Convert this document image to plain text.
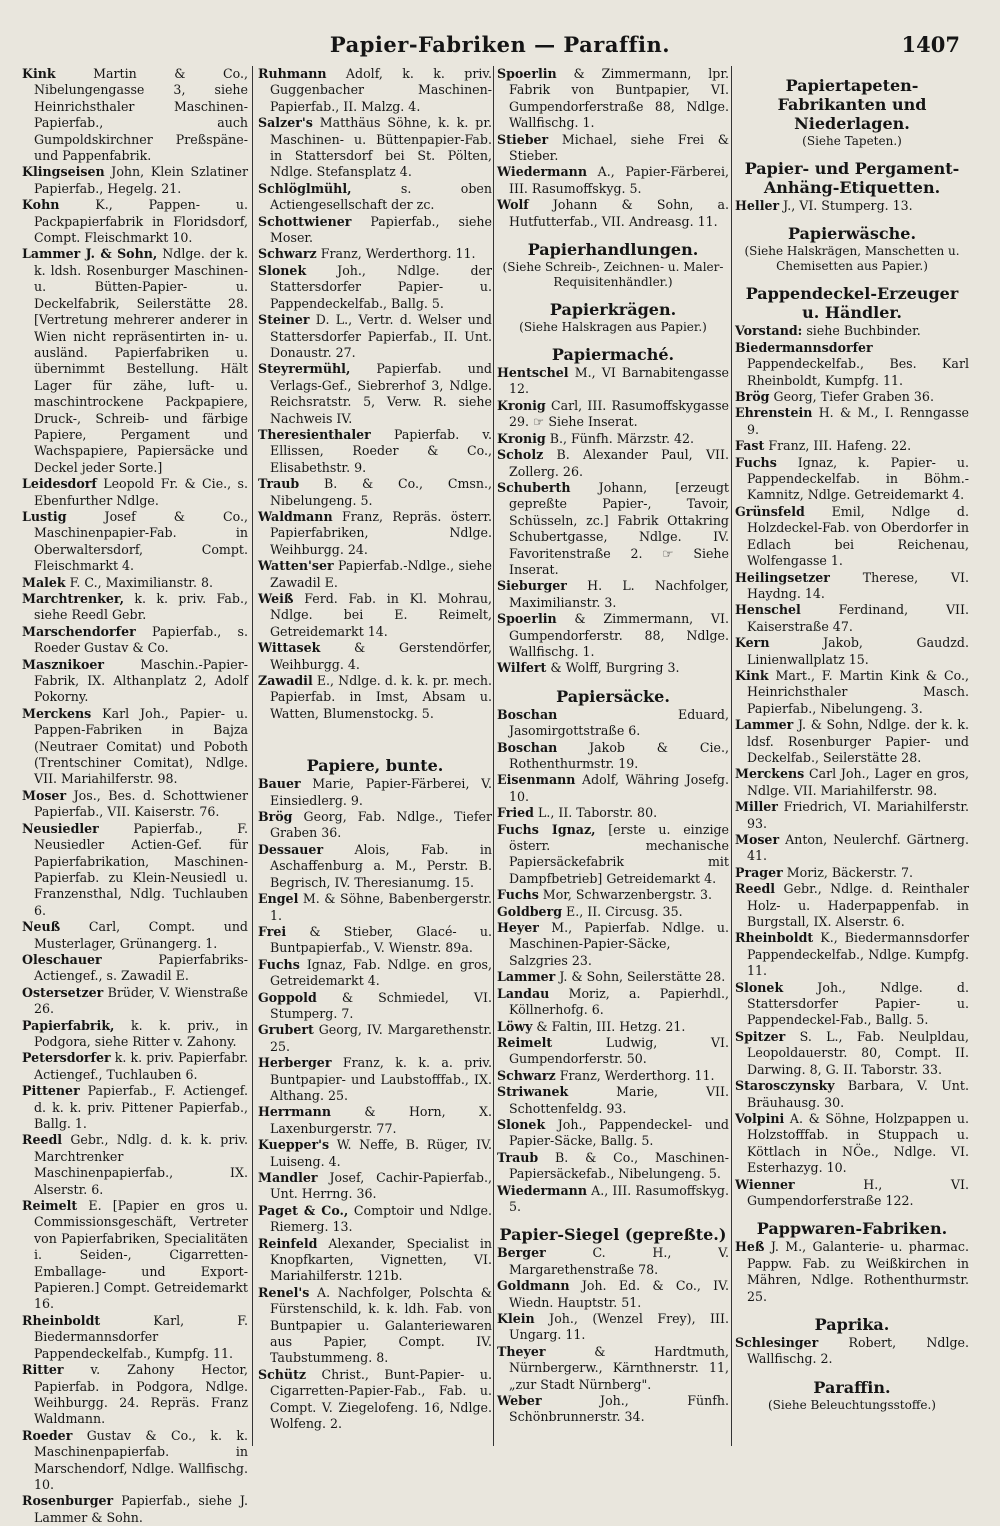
Papier-Fabriken — Paraffin.	1407

Kink Martin & Co., Nibelungengasse 3, siehe Heinrichsthaler Maschinen-Papierfab., auch Gumpoldskirchner Preßspäne- und Pappenfabrik.

Klingseisen John, Klein Szlatiner Papierfab., Hegelg. 21.

Kohn K., Pappen- u. Packpapierfabrik in Floridsdorf, Compt. Fleischmarkt 10.

Lammer J. & Sohn, Ndlge. der k. k. ldsh. Rosenburger Maschinen- u. Bütten-Papier- u. Deckelfabrik, Seilerstätte 28. [Vertretung mehrerer anderer in Wien nicht repräsentirten in- u. ausländ. Papierfabriken u. übernimmt Bestellung. Hält Lager für zähe, luft- u. maschintrockene Packpapiere, Druck-, Schreib- und färbige Papiere, Pergament und Wachspapiere, Papiersäcke und Deckel jeder Sorte.]

Leidesdorf Leopold Fr. & Cie., s. Ebenfurther Ndlge.

Lustig Josef & Co., Maschinenpapier-Fab. in Oberwaltersdorf, Compt. Fleischmarkt 4.

Malek F. C., Maximilianstr. 8.

Marchtrenker, k. k. priv. Fab., siehe Reedl Gebr.

Marschendorfer Papierfab., s. Roeder Gustav & Co.

Masznikoer Maschin.-Papier-Fabrik, IX. Althanplatz 2, Adolf Pokorny.

Merckens Karl Joh., Papier- u. Pappen-Fabriken in Bajza (Neutraer Comitat) und Poboth (Trentschiner Comitat), Ndlge. VII. Mariahilferstr. 98.

Moser Jos., Bes. d. Schottwiener Papierfab., VII. Kaiserstr. 76.

Neusiedler Papierfab., F. Neusiedler Actien-Gef. für Papierfabrikation, Maschinen-Papierfab. zu Klein-Neusiedl u. Franzensthal, Ndlg. Tuchlauben 6.

Neuß Carl, Compt. und Musterlager, Grünangerg. 1.

Oleschauer Papierfabriks-Actiengef., s. Zawadil E.

Ostersetzer Brüder, V. Wienstraße 26.

Papierfabrik, k. k. priv., in Podgora, siehe Ritter v. Zahony.

Petersdorfer k. k. priv. Papierfabr. Actiengef., Tuchlauben 6.

Pittener Papierfab., F. Actiengef. d. k. k. priv. Pittener Papierfab., Ballg. 1.

Reedl Gebr., Ndlg. d. k. k. priv. Marchtrenker Maschinenpapierfab., IX. Alserstr. 6.

Reimelt E. [Papier en gros u. Commissionsgeschäft, Vertreter von Papierfabriken, Specialitäten i. Seiden-, Cigarretten-Emballage- und Export-Papieren.] Compt. Getreidemarkt 16.

Rheinboldt Karl, F. Biedermannsdorfer Pappendeckelfab., Kumpfg. 11.

Ritter v. Zahony Hector, Papierfab. in Podgora, Ndlge. Weihburgg. 24. Repräs. Franz Waldmann.

Roeder Gustav & Co., k. k. Maschinenpapierfab. in Marschendorf, Ndlge. Wallfischg. 10.

Rosenburger Papierfab., siehe J. Lammer & Sohn.

Ruhmann Adolf, k. k. priv. Guggenbacher Maschinen-Papierfab., II. Malzg. 4.

Salzer's Matthäus Söhne, k. k. pr. Maschinen- u. Büttenpapier-Fab. in Stattersdorf bei St. Pölten, Ndlge. Stefansplatz 4.

Schlöglmühl, s. oben Actiengesellschaft der zc.

Schottwiener Papierfab., siehe Moser.

Schwarz Franz, Werderthorg. 11.

Slonek Joh., Ndlge. der Stattersdorfer Papier- u. Pappendeckelfab., Ballg. 5.

Steiner D. L., Vertr. d. Welser und Stattersdorfer Papierfab., II. Unt. Donaustr. 27.

Steyrermühl, Papierfab. und Verlags-Gef., Siebrerhof 3, Ndlge. Reichsratstr. 5, Verw. R. siehe Nachweis IV.

Theresienthaler Papierfab. v. Ellissen, Roeder & Co., Elisabethstr. 9.

Traub B. & Co., Cmsn., Nibelungeng. 5.

Waldmann Franz, Repräs. österr. Papierfabriken, Ndlge. Weihburgg. 24.

Watten'ser Papierfab.-Ndlge., siehe Zawadil E.

Weiß Ferd. Fab. in Kl. Mohrau, Ndlge. bei E. Reimelt, Getreidemarkt 14.

Wittasek & Gerstendörfer, Weihburgg. 4.

Zawadil E., Ndlge. d. k. k. pr. mech. Papierfab. in Imst, Absam u. Watten, Blumenstockg. 5.

Papiere, bunte.

Bauer Marie, Papier-Färberei, V. Einsiedlerg. 9.

Brög Georg, Fab. Ndlge., Tiefer Graben 36.

Dessauer Alois, Fab. in Aschaffenburg a. M., Perstr. B. Begrisch, IV. Theresianumg. 15.

Engel M. & Söhne, Babenbergerstr. 1.

Frei & Stieber, Glacé- u. Buntpapierfab., V. Wienstr. 89a.

Fuchs Ignaz, Fab. Ndlge. en gros, Getreidemarkt 4.

Goppold & Schmiedel, VI. Stumperg. 7.

Grubert Georg, IV. Margarethenstr. 25.

Herberger Franz, k. k. a. priv. Buntpapier- und Laubstofffab., IX. Althang. 25.

Herrmann & Horn, X. Laxenburgerstr. 77.

Kuepper's W. Neffe, B. Rüger, IV. Luiseng. 4.

Mandler Josef, Cachir-Papierfab., Unt. Herrng. 36.

Paget & Co., Comptoir und Ndlge. Riemerg. 13.

Reinfeld Alexander, Specialist in Knopfkarten, Vignetten, VI. Mariahilferstr. 121b.

Renel's A. Nachfolger, Polschta & Fürstenschild, k. k. ldh. Fab. von Buntpapier u. Galanteriewaren aus Papier, Compt. IV. Taubstummeng. 8.

Schütz Christ., Bunt-Papier- u. Cigarretten-Papier-Fab., Fab. u. Compt. V. Ziegelofeng. 16, Ndlge. Wolfeng. 2.

Spoerlin & Zimmermann, lpr. Fabrik von Buntpapier, VI. Gumpendorferstraße 88, Ndlge. Wallfischg. 1.

Stieber Michael, siehe Frei & Stieber.

Wiedermann A., Papier-Färberei, III. Rasumoffskyg. 5.

Wolf Johann & Sohn, a. Hutfutterfab., VII. Andreasg. 11.

Papierhandlungen.
(Siehe Schreib-, Zeichnen- u. Maler-Requisitenhändler.)
Papierkrägen.
(Siehe Halskragen aus Papier.)
Papiermaché.

Hentschel M., VI Barnabitengasse 12.

Kronig Carl, III. Rasumoffskygasse 29. ☞ Siehe Inserat.

Kronig B., Fünfh. Märzstr. 42.

Scholz B. Alexander Paul, VII. Zollerg. 26.

Schuberth Johann, [erzeugt gepreßte Papier-, Tavoir, Schüsseln, zc.] Fabrik Ottakring Schubertgasse, Ndlge. IV. Favoritenstraße 2. ☞ Siehe Inserat.

Sieburger H. L. Nachfolger, Maximilianstr. 3.

Spoerlin & Zimmermann, VI. Gumpendorferstr. 88, Ndlge. Wallfischg. 1.

Wilfert & Wolff, Burgring 3.

Papiersäcke.

Boschan Eduard, Jasomirgottstraße 6.

Boschan Jakob & Cie., Rothenthurmstr. 19.

Eisenmann Adolf, Währing Josefg. 10.

Fried L., II. Taborstr. 80.

Fuchs Ignaz, [erste u. einzige österr. mechanische Papiersäckefabrik mit Dampfbetrieb] Getreidemarkt 4.

Fuchs Mor, Schwarzenbergstr. 3.

Goldberg E., II. Circusg. 35.

Heyer M., Papierfab. Ndlge. u. Maschinen-Papier-Säcke, Salzgries 23.

Lammer J. & Sohn, Seilerstätte 28.

Landau Moriz, a. Papierhdl., Köllnerhofg. 6.

Löwy & Faltin, III. Hetzg. 21.

Reimelt Ludwig, VI. Gumpendorferstr. 50.

Schwarz Franz, Werderthorg. 11.

Striwanek Marie, VII. Schottenfeldg. 93.

Slonek Joh., Pappendeckel- und Papier-Säcke, Ballg. 5.

Traub B. & Co., Maschinen-Papiersäckefab., Nibelungeng. 5.

Wiedermann A., III. Rasumoffskyg. 5.

Papier-Siegel (gepreßte.)

Berger C. H., V. Margarethenstraße 78.

Goldmann Joh. Ed. & Co., IV. Wiedn. Hauptstr. 51.

Klein Joh., (Wenzel Frey), III. Ungarg. 11.

Theyer & Hardtmuth, Nürnbergerw., Kärnthnerstr. 11, „zur Stadt Nürnberg".

Weber Joh., Fünfh. Schönbrunnerstr. 34.

Papiertapeten-Fabrikanten und Niederlagen.
(Siehe Tapeten.)
Papier- und Pergament-Anhäng-Etiquetten.

Heller J., VI. Stumperg. 13.

Papierwäsche.
(Siehe Halskrägen, Manschetten u. Chemisetten aus Papier.)
Pappendeckel-Erzeuger u. Händler.

Vorstand: siehe Buchbinder.

Biedermannsdorfer Pappendeckelfab., Bes. Karl Rheinboldt, Kumpfg. 11.

Brög Georg, Tiefer Graben 36.

Ehrenstein H. & M., I. Renngasse 9.

Fast Franz, III. Hafeng. 22.

Fuchs Ignaz, k. Papier- u. Pappendeckelfab. in Böhm.-Kamnitz, Ndlge. Getreidemarkt 4.

Grünsfeld Emil, Ndlge d. Holzdeckel-Fab. von Oberdorfer in Edlach bei Reichenau, Wolfengasse 1.

Heilingsetzer Therese, VI. Haydng. 14.

Henschel Ferdinand, VII. Kaiserstraße 47.

Kern Jakob, Gaudzd. Linienwallplatz 15.

Kink Mart., F. Martin Kink & Co., Heinrichsthaler Masch. Papierfab., Nibelungeng. 3.

Lammer J. & Sohn, Ndlge. der k. k. ldsf. Rosenburger Papier- und Deckelfab., Seilerstätte 28.

Merckens Carl Joh., Lager en gros, Ndlge. VII. Mariahilferstr. 98.

Miller Friedrich, VI. Mariahilferstr. 93.

Moser Anton, Neulerchf. Gärtnerg. 41.

Prager Moriz, Bäckerstr. 7.

Reedl Gebr., Ndlge. d. Reinthaler Holz- u. Haderpappenfab. in Burgstall, IX. Alserstr. 6.

Rheinboldt K., Biedermannsdorfer Pappendeckelfab., Ndlge. Kumpfg. 11.

Slonek Joh., Ndlge. d. Stattersdorfer Papier- u. Pappendeckel-Fab., Ballg. 5.

Spitzer S. L., Fab. Neulpldau, Leopoldauerstr. 80, Compt. II. Darwing. 8, G. II. Taborstr. 33.

Starosczynsky Barbara, V. Unt. Bräuhausg. 30.

Volpini A. & Söhne, Holzpappen u. Holzstofffab. in Stuppach u. Köttlach in NÖe., Ndlge. VI. Esterhazyg. 10.

Wienner H., VI. Gumpendorferstraße 122.

Pappwaren-Fabriken.

Heß J. M., Galanterie- u. pharmac. Pappw. Fab. zu Weißkirchen in Mähren, Ndlge. Rothenthurmstr. 25.

Paprika.

Schlesinger Robert, Ndlge. Wallfischg. 2.

Paraffin.
(Siehe Beleuchtungsstoffe.)
